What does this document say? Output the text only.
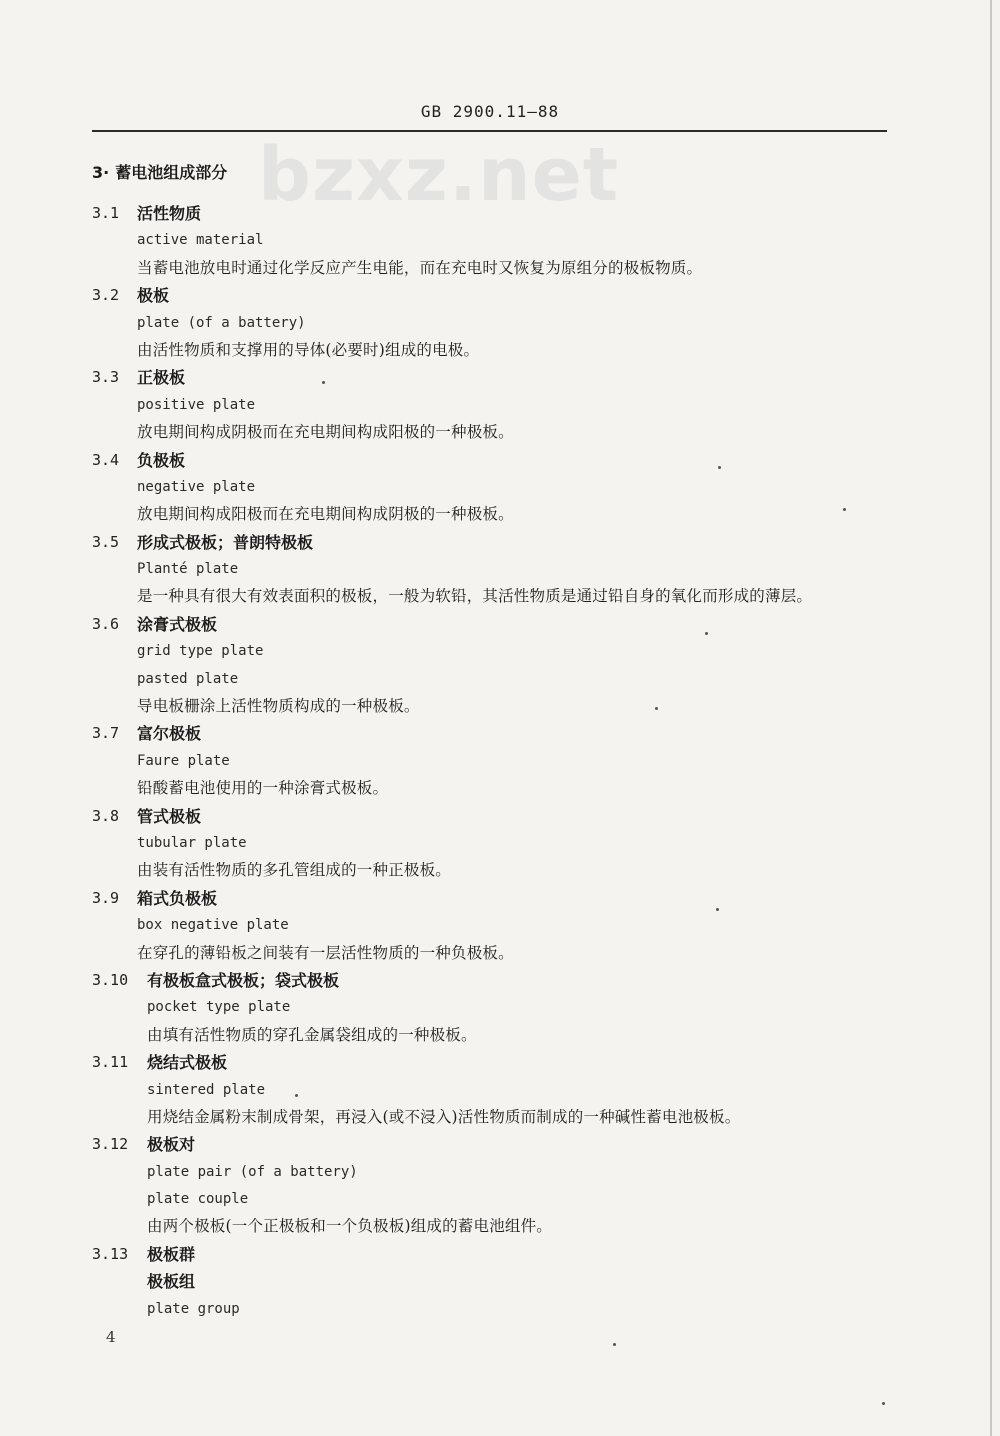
GB 2900.11—88
bzxz.net
3· 蓄电池组成部分
3.1 活性物质
active material
当蓄电池放电时通过化学反应产生电能，而在充电时又恢复为原组分的极板物质。
3.2 极板
plate (of a battery)
由活性物质和支撑用的导体(必要时)组成的电极。
3.3 正极板
positive plate
放电期间构成阴极而在充电期间构成阳极的一种极板。
3.4 负极板
negative plate
放电期间构成阳极而在充电期间构成阴极的一种极板。
3.5 形成式极板；普朗特极板
Planté plate
是一种具有很大有效表面积的极板，一般为软铅，其活性物质是通过铅自身的氧化而形成的薄层。
3.6 涂膏式极板
grid type plate
pasted plate
导电板栅涂上活性物质构成的一种极板。
3.7 富尔极板
Faure plate
铅酸蓄电池使用的一种涂膏式极板。
3.8 管式极板
tubular plate
由装有活性物质的多孔管组成的一种正极板。
3.9 箱式负极板
box negative plate
在穿孔的薄铅板之间装有一层活性物质的一种负极板。
3.10 有极板盒式极板；袋式极板
pocket type plate
由填有活性物质的穿孔金属袋组成的一种极板。
3.11 烧结式极板
sintered plate
用烧结金属粉末制成骨架，再浸入(或不浸入)活性物质而制成的一种碱性蓄电池极板。
3.12 极板对
plate pair (of a battery)
plate couple
由两个极板(一个正极板和一个负极板)组成的蓄电池组件。
3.13 极板群
极板组
plate group
4
